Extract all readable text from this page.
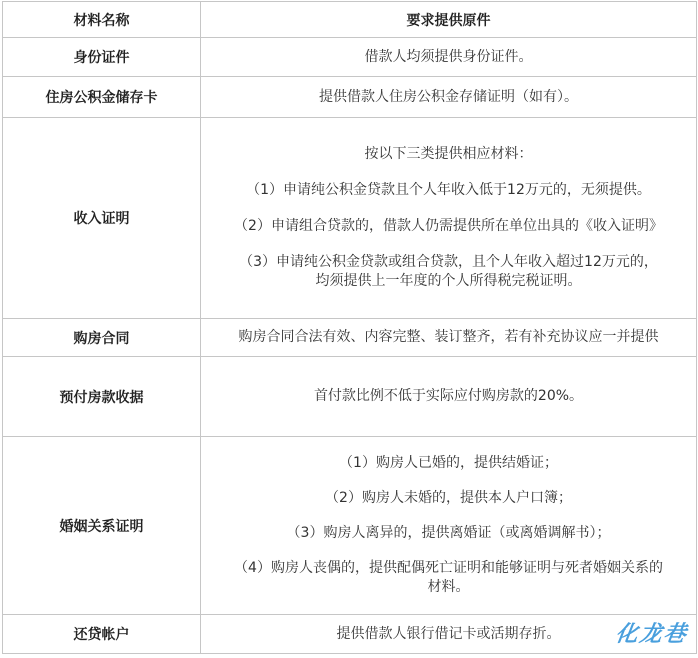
材料名称	要求提供原件
身份证件	借款人均须提供身份证件。

住房公积金储存卡	提供借款人住房公积金存储证明（如有）。

收入证明	按以下三类提供相应材料：

（1）申请纯公积金贷款且个人年收入低于12万元的，无须提供。

（2）申请组合贷款的，借款人仍需提供所在单位出具的《收入证明》

（3）申请纯公积金贷款或组合贷款，且个人年收入超过12万元的，

均须提供上一年度的个人所得税完税证明。

购房合同	购房合同合法有效、内容完整、装订整齐，若有补充协议应一并提供

预付房款收据	首付款比例不低于实际应付购房款的20%。

婚姻关系证明	（1）购房人已婚的，提供结婚证；

（2）购房人未婚的，提供本人户口簿；

（3）购房人离异的，提供离婚证（或离婚调解书）；

（4）购房人丧偶的，提供配偶死亡证明和能够证明与死者婚姻关系的

材料。

还贷帐户	提供借款人银行借记卡或活期存折。	化龙巷
